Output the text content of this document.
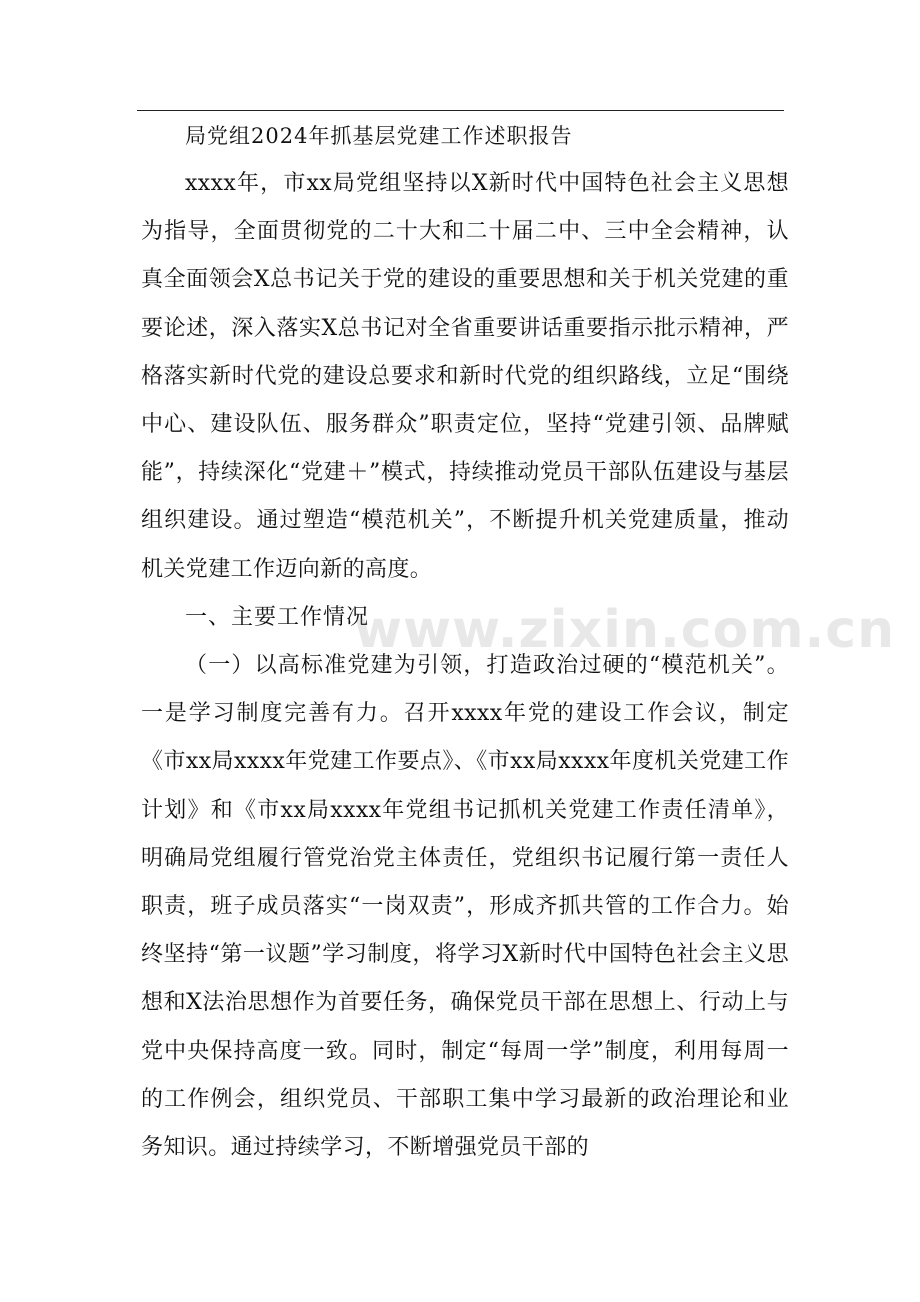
局党组2024年抓基层党建工作述职报告

xxxx年，市xx局党组坚持以X新时代中国特色社会主义思想为指导，全面贯彻党的二十大和二十届二中、三中全会精神，认真全面领会X总书记关于党的建设的重要思想和关于机关党建的重要论述，深入落实X总书记对全省重要讲话重要指示批示精神，严格落实新时代党的建设总要求和新时代党的组织路线，立足“围绕中心、建设队伍、服务群众”职责定位，坚持“党建引领、品牌赋能”，持续深化“党建＋”模式，持续推动党员干部队伍建设与基层组织建设。通过塑造“模范机关”，不断提升机关党建质量，推动机关党建工作迈向新的高度。

一、主要工作情况

（一）以高标准党建为引领，打造政治过硬的“模范机关”。一是学习制度完善有力。召开xxxx年党的建设工作会议，制定《市xx局xxxx年党建工作要点》、《市xx局xxxx年度机关党建工作计划》和《市xx局xxxx年党组书记抓机关党建工作责任清单》，明确局党组履行管党治党主体责任，党组织书记履行第一责任人职责，班子成员落实“一岗双责”，形成齐抓共管的工作合力。始终坚持“第一议题”学习制度，将学习X新时代中国特色社会主义思想和X法治思想作为首要任务，确保党员干部在思想上、行动上与党中央保持高度一致。同时，制定“每周一学”制度，利用每周一的工作例会，组织党员、干部职工集中学习最新的政治理论和业务知识。通过持续学习，不断增强党员干部的

www.zixin.com.cn
